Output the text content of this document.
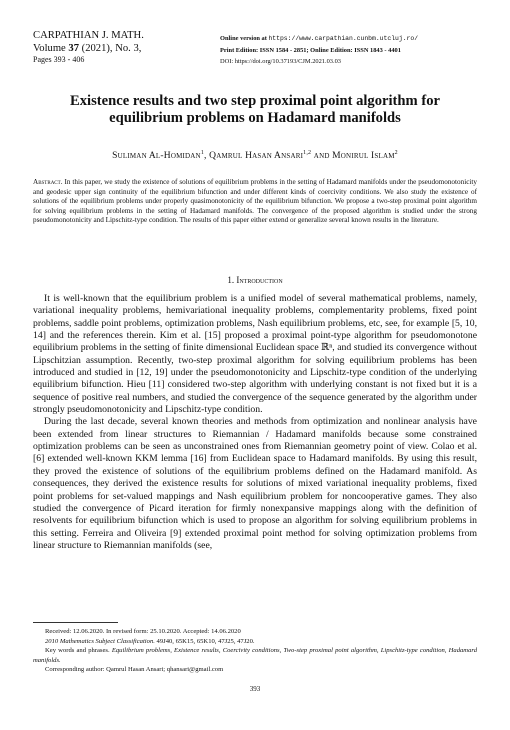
CARPATHIAN J. MATH.
Volume 37 (2021), No. 3,
Pages 393 - 406
Online version at https://www.carpathian.cunbm.utcluj.ro/
Print Edition: ISSN 1584 - 2851; Online Edition: ISSN 1843 - 4401
DOI: https://doi.org/10.37193/CJM.2021.03.03
Existence results and two step proximal point algorithm for equilibrium problems on Hadamard manifolds
Suliman Al-Homidan$^1$, Qamrul Hasan Ansari$^{1,2}$ and Monirul Islam$^2$
Abstract. In this paper, we study the existence of solutions of equilibrium problems in the setting of Hadamard manifolds under the pseudomonotonicity and geodesic upper sign continuity of the equilibrium bifunction and under different kinds of coercivity conditions. We also study the existence of solutions of the equilibrium problems under properly quasimonotonicity of the equilibrium bifunction. We propose a two-step proximal point algorithm for solving equilibrium problems in the setting of Hadamard manifolds. The convergence of the proposed algorithm is studied under the strong pseudomonotonicity and Lipschitz-type condition. The results of this paper either extend or generalize several known results in the literature.
1. Introduction

It is well-known that the equilibrium problem is a unified model of several mathematical problems, namely, variational inequality problems, hemivariational inequality problems, complementarity problems, fixed point problems, saddle point problems, optimization problems, Nash equilibrium problems, etc, see, for example [5, 10, 14] and the references therein. Kim et al. [15] proposed a proximal point-type algorithm for pseudomonotone equilibrium problems in the setting of finite dimensional Euclidean space ℝⁿ, and studied its convergence without Lipschitzian assumption. Recently, two-step proximal algorithm for solving equilibrium problems has been introduced and studied in [12, 19] under the pseudomonotonicity and Lipschitz-type condition of the underlying equilibrium bifunction. Hieu [11] considered two-step algorithm with underlying constant is not fixed but it is a sequence of positive real numbers, and studied the convergence of the sequence generated by the algorithm under strongly pseudomonotonicity and Lipschitz-type condition.

During the last decade, several known theories and methods from optimization and nonlinear analysis have been extended from linear structures to Riemannian / Hadamard manifolds because some constrained optimization problems can be seen as unconstrained ones from Riemannian geometry point of view. Colao et al. [6] extended well-known KKM lemma [16] from Euclidean space to Hadamard manifolds. By using this result, they proved the existence of solutions of the equilibrium problems defined on the Hadamard manifold. As consequences, they derived the existence results for solutions of mixed variational inequality problems, fixed point problems for set-valued mappings and Nash equilibrium problem for noncooperative games. They also studied the convergence of Picard iteration for firmly nonexpansive mappings along with the definition of resolvents for equilibrium bifunction which is used to propose an algorithm for solving equilibrium problems in this setting. Ferreira and Oliveira [9] extended proximal point method for solving optimization problems from linear structure to Riemannian manifolds (see,

Received: 12.06.2020. In revised form: 25.10.2020. Accepted: 14.06.2020

2010 Mathematics Subject Classification. 49J40, 65K15, 65K10, 47J25, 47J20.

Key words and phrases. Equilibrium problems, Existence results, Coercivity conditions, Two-step proximal point algorithm, Lipschitz-type condition, Hadamard manifolds.

Corresponding author: Qamrul Hasan Ansari; qhansari@gmail.com

393
